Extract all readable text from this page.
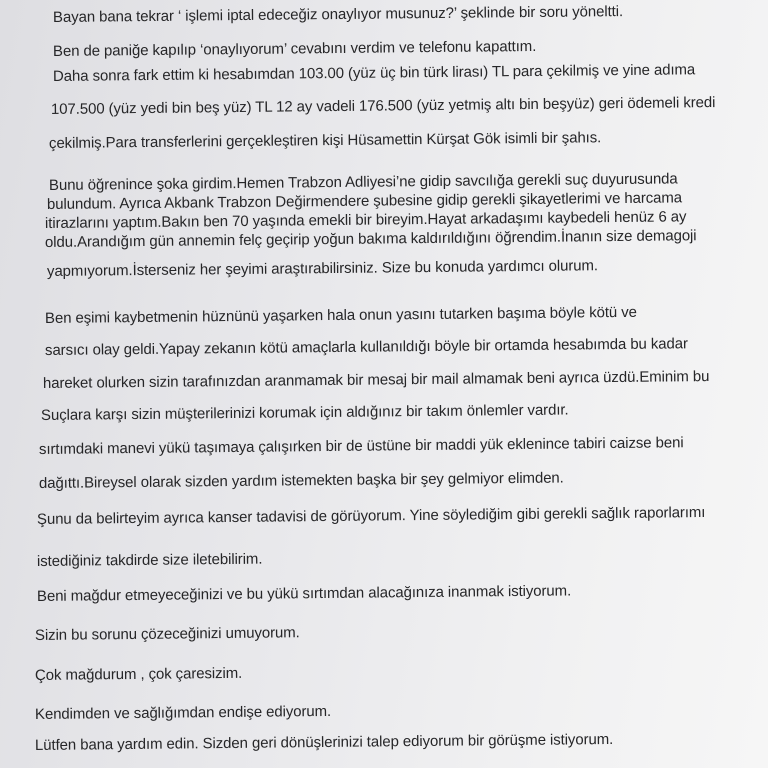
Bayan bana tekrar ‘ işlemi iptal edeceğiz onaylıyor musunuz?’ şeklinde bir soru yöneltti.
Ben de paniğe kapılıp ‘onaylıyorum’ cevabını verdim ve telefonu kapattım.
Daha sonra fark ettim ki hesabımdan 103.00 (yüz üç bin türk lirası) TL para çekilmiş ve yine adıma
107.500 (yüz yedi bin beş yüz) TL 12 ay vadeli 176.500 (yüz yetmiş altı bin beşyüz) geri ödemeli kredi
çekilmiş.Para transferlerini gerçekleştiren kişi Hüsamettin Kürşat Gök isimli bir şahıs.
Bunu öğrenince şoka girdim.Hemen Trabzon Adliyesi’ne gidip savcılığa gerekli suç duyurusunda
bulundum. Ayrıca Akbank Trabzon Değirmendere şubesine gidip gerekli şikayetlerimi ve harcama
itirazlarını yaptım.Bakın ben 70 yaşında emekli bir bireyim.Hayat arkadaşımı kaybedeli henüz 6 ay
oldu.Arandığım gün annemin felç geçirip yoğun bakıma kaldırıldığını öğrendim.İnanın size demagoji
yapmıyorum.İsterseniz her şeyimi araştırabilirsiniz. Size bu konuda yardımcı olurum.
Ben eşimi kaybetmenin hüznünü yaşarken hala onun yasını tutarken başıma böyle kötü ve
sarsıcı olay geldi.Yapay zekanın kötü amaçlarla kullanıldığı böyle bir ortamda hesabımda bu kadar
hareket olurken sizin tarafınızdan aranmamak bir mesaj bir mail almamak beni ayrıca üzdü.Eminim bu
Suçlara karşı sizin müşterilerinizi korumak için aldığınız bir takım önlemler vardır.
sırtımdaki manevi yükü taşımaya çalışırken bir de üstüne bir maddi yük eklenince tabiri caizse beni
dağıttı.Bireysel olarak sizden yardım istemekten başka bir şey gelmiyor elimden.
Şunu da belirteyim ayrıca kanser tadavisi de görüyorum. Yine söylediğim gibi gerekli sağlık raporlarımı
istediğiniz takdirde size iletebilirim.
Beni mağdur etmeyeceğinizi ve bu yükü sırtımdan alacağınıza inanmak istiyorum.
Sizin bu sorunu çözeceğinizi umuyorum.
Çok mağdurum , çok çaresizim.
Kendimden ve sağlığımdan endişe ediyorum.
Lütfen bana yardım edin. Sizden geri dönüşlerinizi talep ediyorum bir görüşme istiyorum.
